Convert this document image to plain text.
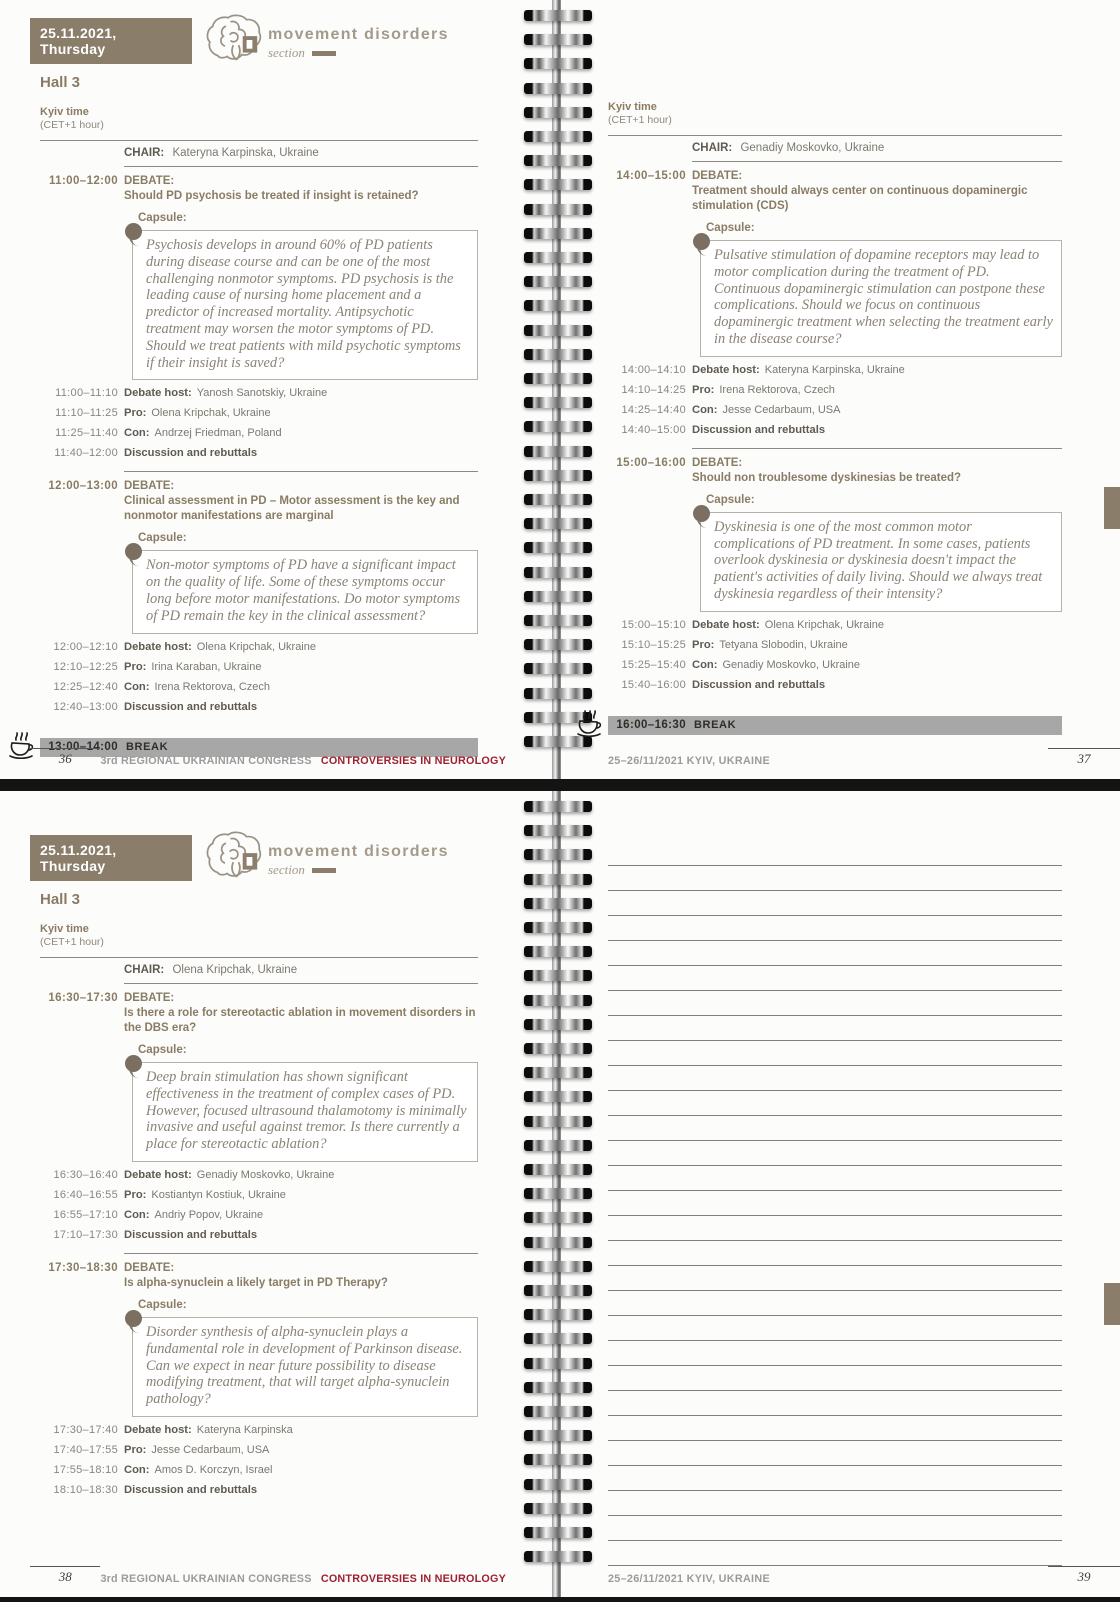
25.11.2021, Thursday
movement disorders
section
Hall 3
Kyiv time
(CET+1 hour)
CHAIR: Kateryna Karpinska, Ukraine
11:00–12:00 DEBATE:
Should PD psychosis be treated if insight is retained?
Capsule:
Psychosis develops in around 60% of PD patients during disease course and can be one of the most challenging nonmotor symptoms. PD psychosis is the leading cause of nursing home placement and a predictor of increased mortality. Antipsychotic treatment may worsen the motor symptoms of PD. Should we treat patients with mild psychotic symptoms if their insight is saved?
11:00–11:10 Debate host: Yanosh Sanotskiy, Ukraine
11:10–11:25 Pro: Olena Kripchak, Ukraine
11:25–11:40 Con: Andrzej Friedman, Poland
11:40–12:00 Discussion and rebuttals
12:00–13:00 DEBATE:
Clinical assessment in PD – Motor assessment is the key and nonmotor manifestations are marginal
Capsule:
Non-motor symptoms of PD have a significant impact on the quality of life. Some of these symptoms occur long before motor manifestations. Do motor symptoms of PD remain the key in the clinical assessment?
12:00–12:10 Debate host: Olena Kripchak, Ukraine
12:10–12:25 Pro: Irina Karaban, Ukraine
12:25–12:40 Con: Irena Rektorova, Czech
12:40–13:00 Discussion and rebuttals
13:00–14:00 BREAK
36	3rd REGIONAL UKRAINIAN CONGRESS CONTROVERSIES IN NEUROLOGY
Kyiv time
(CET+1 hour)
CHAIR: Genadiy Moskovko, Ukraine
14:00–15:00 DEBATE:
Treatment should always center on continuous dopaminergic stimulation (CDS)
Capsule:
Pulsative stimulation of dopamine receptors may lead to motor complication during the treatment of PD. Continuous dopaminergic stimulation can postpone these complications. Should we focus on continuous dopaminergic treatment when selecting the treatment early in the disease course?
14:00–14:10 Debate host: Kateryna Karpinska, Ukraine
14:10–14:25 Pro: Irena Rektorova, Czech
14:25–14:40 Con: Jesse Cedarbaum, USA
14:40–15:00 Discussion and rebuttals
15:00–16:00 DEBATE:
Should non troublesome dyskinesias be treated?
Capsule:
Dyskinesia is one of the most common motor complications of PD treatment. In some cases, patients overlook dyskinesia or dyskinesia doesn't impact the patient's activities of daily living. Should we always treat dyskinesia regardless of their intensity?
15:00–15:10 Debate host: Olena Kripchak, Ukraine
15:10–15:25 Pro: Tetyana Slobodin, Ukraine
15:25–15:40 Con: Genadiy Moskovko, Ukraine
15:40–16:00 Discussion and rebuttals
16:00–16:30 BREAK
25–26/11/2021 KYIV, UKRAINE	37
25.11.2021, Thursday
movement disorders
section
Hall 3
Kyiv time
(CET+1 hour)
CHAIR: Olena Kripchak, Ukraine
16:30–17:30 DEBATE:
Is there a role for stereotactic ablation in movement disorders in the DBS era?
Capsule:
Deep brain stimulation has shown significant effectiveness in the treatment of complex cases of PD. However, focused ultrasound thalamotomy is minimally invasive and useful against tremor. Is there currently a place for stereotactic ablation?
16:30–16:40 Debate host: Genadiy Moskovko, Ukraine
16:40–16:55 Pro: Kostiantyn Kostiuk, Ukraine
16:55–17:10 Con: Andriy Popov, Ukraine
17:10–17:30 Discussion and rebuttals
17:30–18:30 DEBATE:
Is alpha-synuclein a likely target in PD Therapy?
Capsule:
Disorder synthesis of alpha-synuclein plays a fundamental role in development of Parkinson disease. Can we expect in near future possibility to disease modifying treatment, that will target alpha-synuclein pathology?
17:30–17:40 Debate host: Kateryna Karpinska
17:40–17:55 Pro: Jesse Cedarbaum, USA
17:55–18:10 Con: Amos D. Korczyn, Israel
18:10–18:30 Discussion and rebuttals
38	3rd REGIONAL UKRAINIAN CONGRESS CONTROVERSIES IN NEUROLOGY	25–26/11/2021 KYIV, UKRAINE	39
